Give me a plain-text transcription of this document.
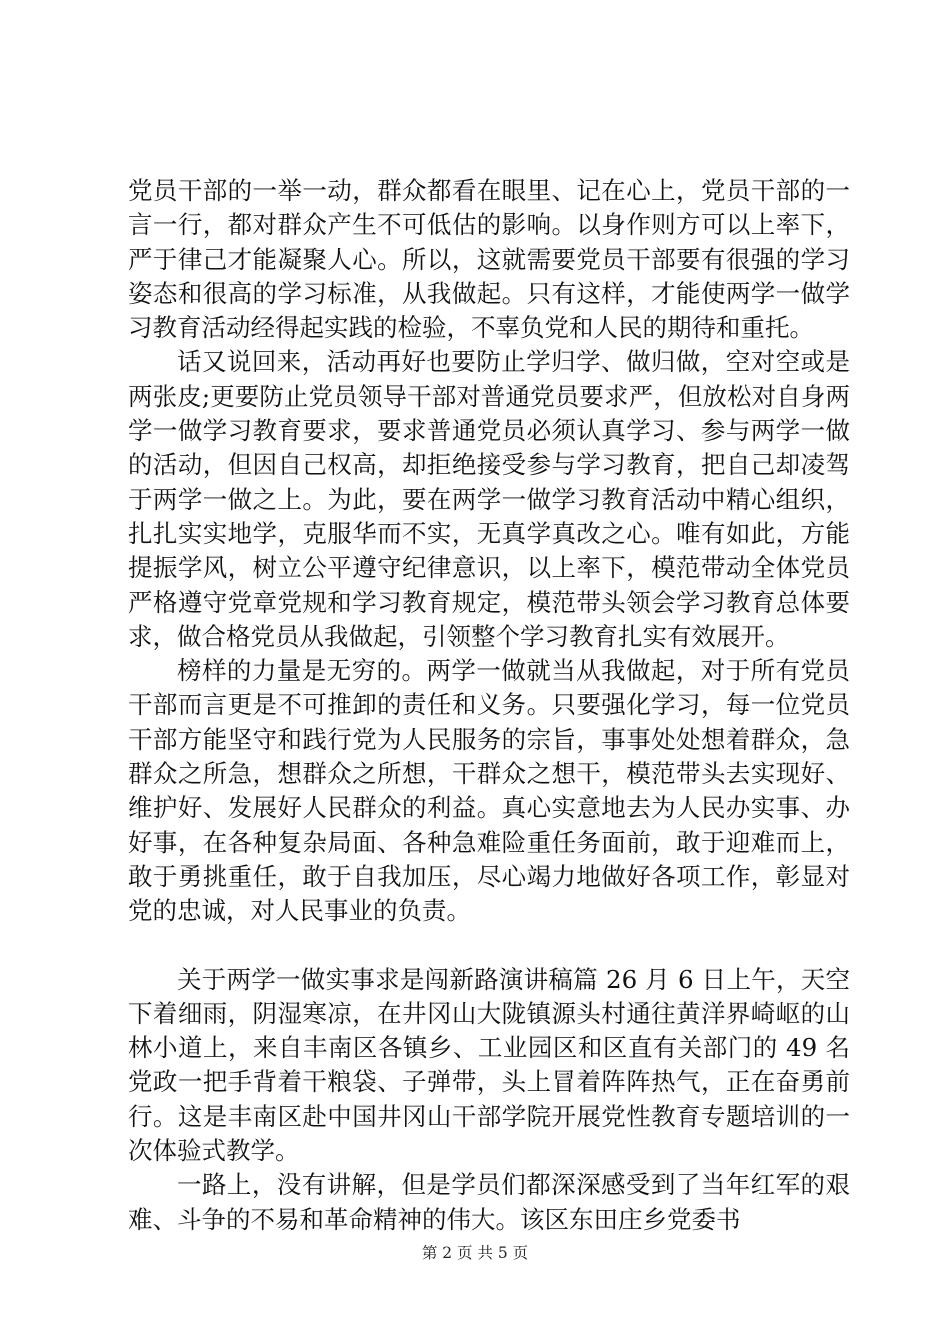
党员干部的一举一动，群众都看在眼里、记在心上，党员干部的一言一行，都对群众产生不可低估的影响。以身作则方可以上率下，严于律己才能凝聚人心。所以，这就需要党员干部要有很强的学习姿态和很高的学习标准，从我做起。只有这样，才能使两学一做学习教育活动经得起实践的检验，不辜负党和人民的期待和重托。

话又说回来，活动再好也要防止学归学、做归做，空对空或是两张皮;更要防止党员领导干部对普通党员要求严，但放松对自身两学一做学习教育要求，要求普通党员必须认真学习、参与两学一做的活动，但因自己权高，却拒绝接受参与学习教育，把自己却凌驾于两学一做之上。为此，要在两学一做学习教育活动中精心组织，扎扎实实地学，克服华而不实，无真学真改之心。唯有如此，方能提振学风，树立公平遵守纪律意识，以上率下，模范带动全体党员严格遵守党章党规和学习教育规定，模范带头领会学习教育总体要求，做合格党员从我做起，引领整个学习教育扎实有效展开。

榜样的力量是无穷的。两学一做就当从我做起，对于所有党员干部而言更是不可推卸的责任和义务。只要强化学习，每一位党员干部方能坚守和践行党为人民服务的宗旨，事事处处想着群众，急群众之所急，想群众之所想，干群众之想干，模范带头去实现好、维护好、发展好人民群众的利益。真心实意地去为人民办实事、办好事，在各种复杂局面、各种急难险重任务面前，敢于迎难而上，敢于勇挑重任，敢于自我加压，尽心竭力地做好各项工作，彰显对党的忠诚，对人民事业的负责。

关于两学一做实事求是闯新路演讲稿篇 26 月 6 日上午，天空下着细雨，阴湿寒凉，在井冈山大陇镇源头村通往黄洋界崎岖的山林小道上，来自丰南区各镇乡、工业园区和区直有关部门的 49 名党政一把手背着干粮袋、子弹带，头上冒着阵阵热气，正在奋勇前行。这是丰南区赴中国井冈山干部学院开展党性教育专题培训的一次体验式教学。

一路上，没有讲解，但是学员们都深深感受到了当年红军的艰难、斗争的不易和革命精神的伟大。该区东田庄乡党委书

第 2 页 共 5 页
